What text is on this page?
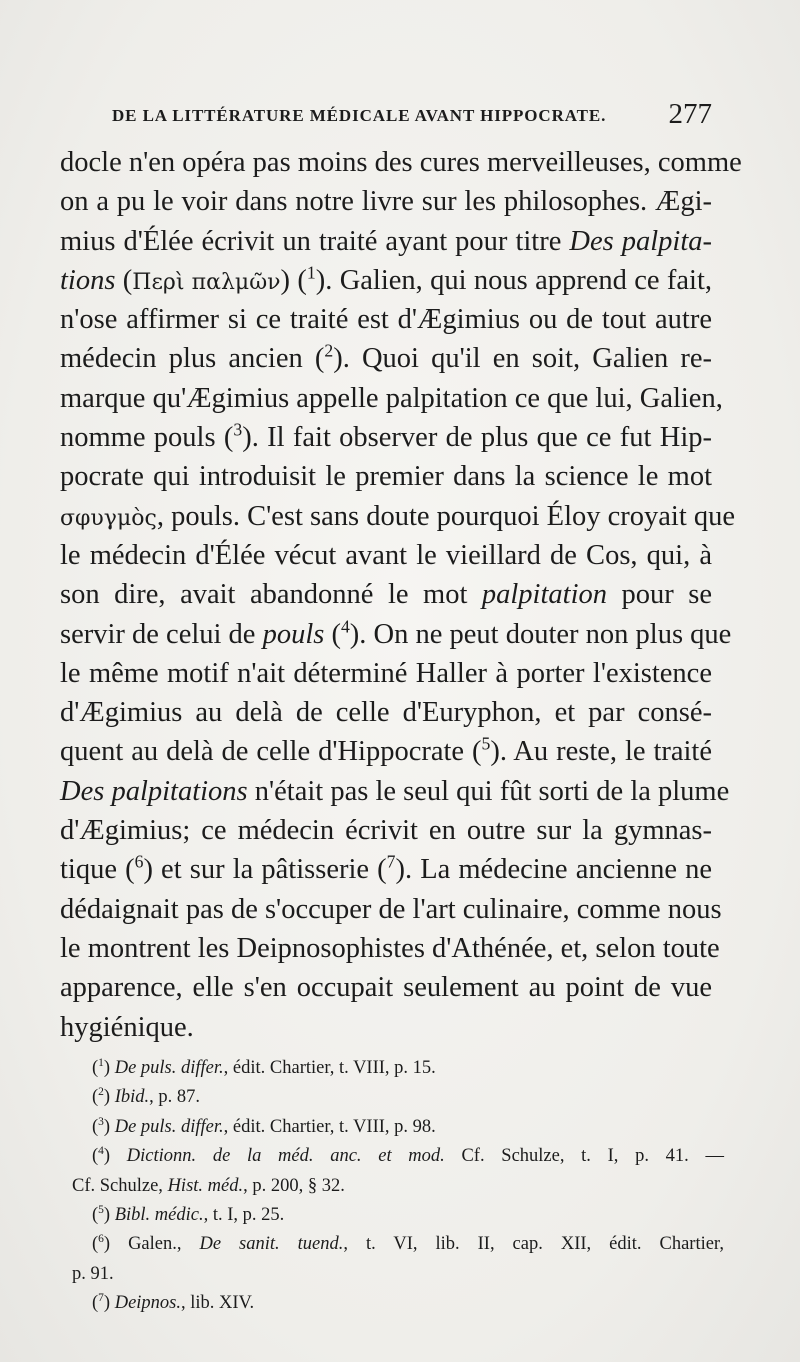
DE LA LITTÉRATURE MÉDICALE AVANT HIPPOCRATE. 277
docle n'en opéra pas moins des cures merveilleuses, comme
on a pu le voir dans notre livre sur les philosophes. Ægi-
mius d'Élée écrivit un traité ayant pour titre Des palpita-
tions (Περὶ παλμῶν) ($^1$). Galien, qui nous apprend ce fait,
n'ose affirmer si ce traité est d'Ægimius ou de tout autre
médecin plus ancien ($^2$). Quoi qu'il en soit, Galien re-
marque qu'Ægimius appelle palpitation ce que lui, Galien,
nomme pouls ($^3$). Il fait observer de plus que ce fut Hip-
pocrate qui introduisit le premier dans la science le mot
σφυγμὸς, pouls. C'est sans doute pourquoi Éloy croyait que
le médecin d'Élée vécut avant le vieillard de Cos, qui, à
son dire, avait abandonné le mot palpitation pour se
servir de celui de pouls ($^4$). On ne peut douter non plus que
le même motif n'ait déterminé Haller à porter l'existence
d'Ægimius au delà de celle d'Euryphon, et par consé-
quent au delà de celle d'Hippocrate ($^5$). Au reste, le traité
Des palpitations n'était pas le seul qui fût sorti de la plume
d'Ægimius; ce médecin écrivit en outre sur la gymnas-
tique ($^6$) et sur la pâtisserie ($^7$). La médecine ancienne ne
dédaignait pas de s'occuper de l'art culinaire, comme nous
le montrent les Deipnosophistes d'Athénée, et, selon toute
apparence, elle s'en occupait seulement au point de vue
hygiénique.
($^1$) De puls. differ., édit. Chartier, t. VIII, p. 15.
($^2$) Ibid., p. 87.
($^3$) De puls. differ., édit. Chartier, t. VIII, p. 98.
($^4$) Dictionn. de la méd. anc. et mod. Cf. Schulze, t. I, p. 41. —
Cf. Schulze, Hist. méd., p. 200, § 32.
($^5$) Bibl. médic., t. I, p. 25.
($^6$) Galen., De sanit. tuend., t. VI, lib. II, cap. XII, édit. Chartier,
p. 91.
($^7$) Deipnos., lib. XIV.
